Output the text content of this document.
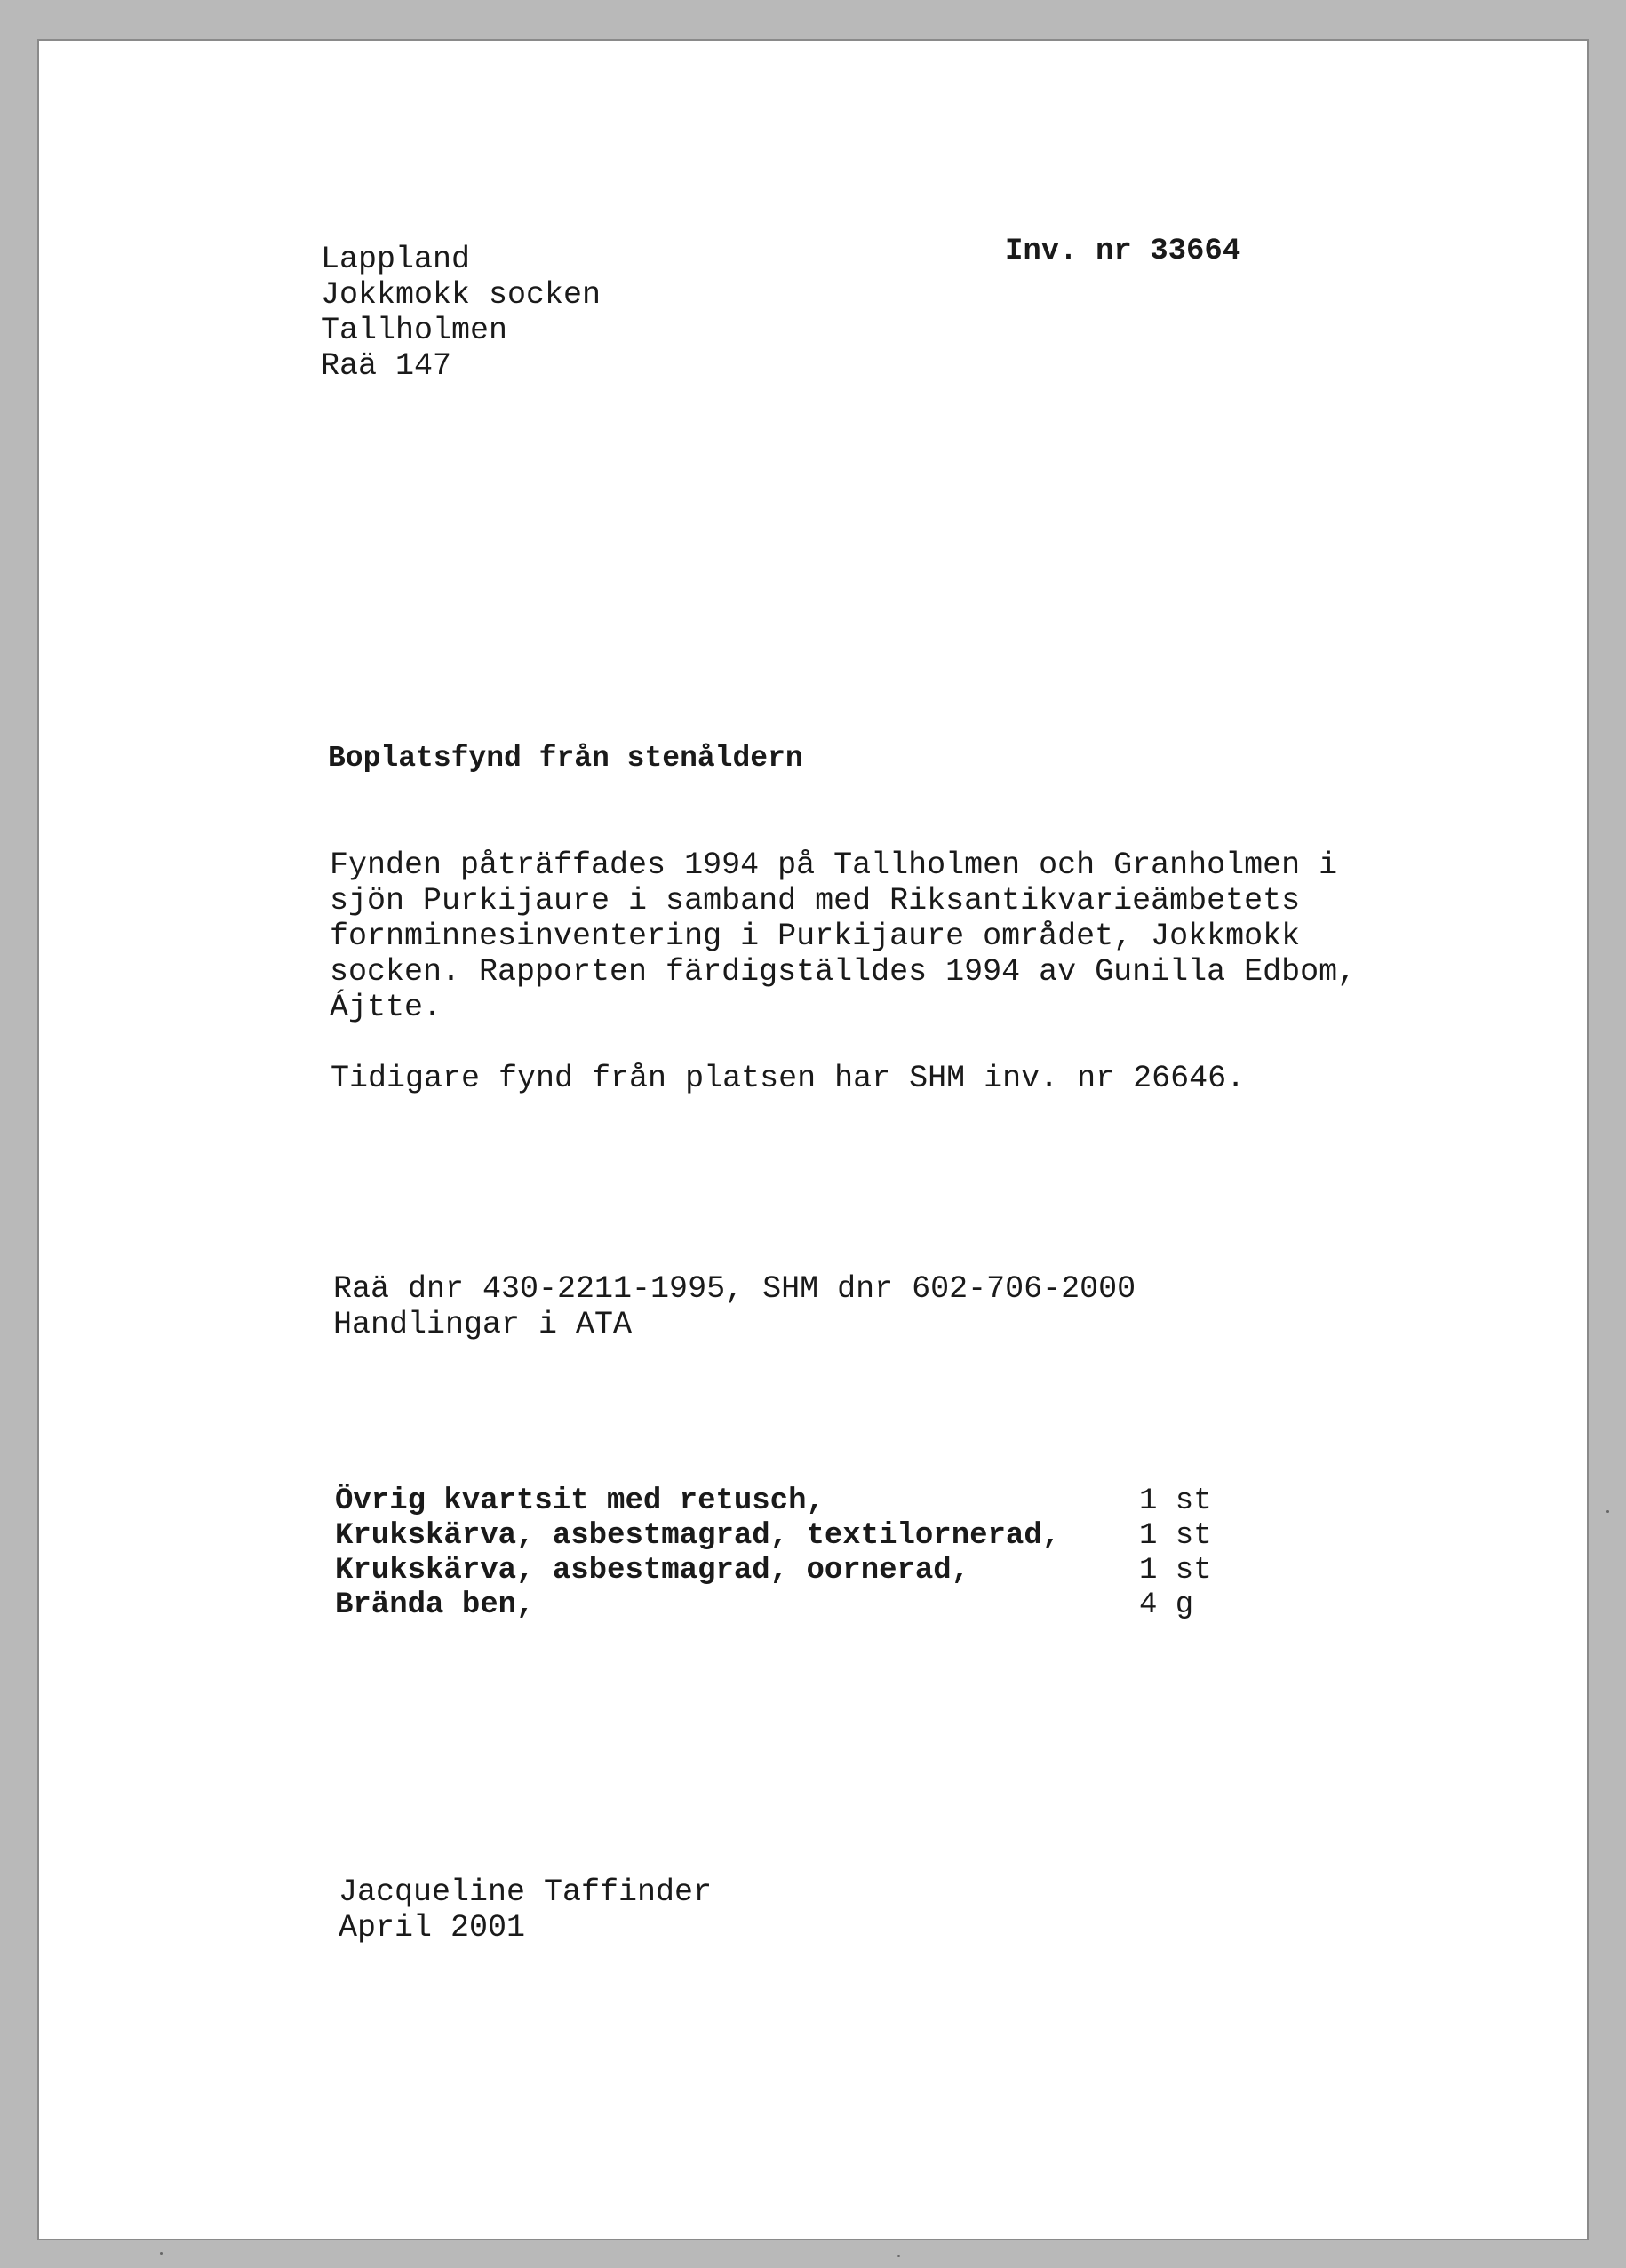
Inv. nr 33664
Lappland
Jokkmokk socken
Tallholmen
Raä 147
Boplatsfynd från stenåldern
Fynden påträffades 1994 på Tallholmen och Granholmen i
sjön Purkijaure i samband med Riksantikvarieämbetets
fornminnesinventering i Purkijaure området, Jokkmokk
socken. Rapporten färdigställdes 1994 av Gunilla Edbom,
Ájtte.
Tidigare fynd från platsen har SHM inv. nr 26646.
Raä dnr 430-2211-1995, SHM dnr 602-706-2000
Handlingar i ATA
Övrig kvartsit med retusch,	1 st
Krukskärva, asbestmagrad, textilornerad,	1 st
Krukskärva, asbestmagrad, oornerad,	1 st
Brända ben,	4 g
Jacqueline Taffinder
April 2001
